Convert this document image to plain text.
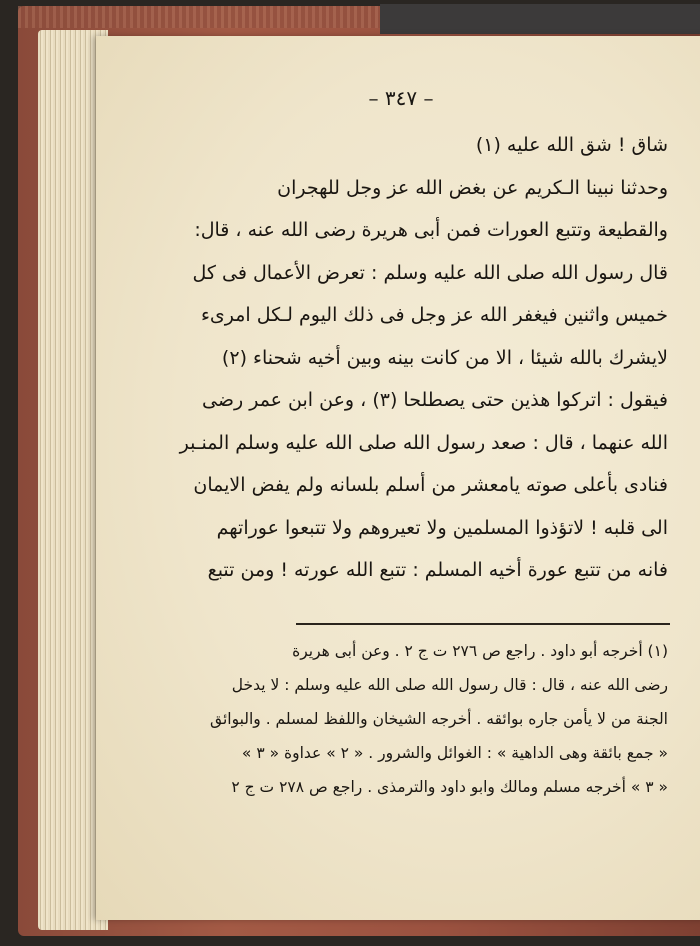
– ٣٤٧ –
شاق ! شق الله عليه (١)
وحدثنا نبينا الـكريم عن بغض الله عز وجل للهجران
والقطيعة وتتبع العورات فمن أبى هريرة رضى الله عنه ، قال:
قال رسول الله صلى الله عليه وسلم : تعرض الأعمال فى كل
خميس واثنين فيغفر الله عز وجل فى ذلك اليوم لـكل امرىء
لايشرك بالله شيئا ، الا من كانت بينه وبين أخيه شحناء (٢)
فيقول : اتركوا هذين حتى يصطلحا (٣) ، وعن ابن عمر رضى
الله عنهما ، قال : صعد رسول الله صلى الله عليه وسلم المنـبر
فنادى بأعلى صوته يامعشر من أسلم بلسانه ولم يفض الايمان
الى قلبه ! لاتؤذوا المسلمين ولا تعيروهم ولا تتبعوا عوراتهم
فانه من تتبع عورة أخيه المسلم : تتبع الله عورته ! ومن تتبع
(١) أخرجه أبو داود . راجع ص ٢٧٦ ت ج ٢ . وعن أبى هريرة
رضى الله عنه ، قال : قال رسول الله صلى الله عليه وسلم : لا يدخل
الجنة من لا يأمن جاره بوائقه . أخرجه الشيخان واللفظ لمسلم . والبوائق
« جمع بائقة وهى الداهية » : الغوائل والشرور . « ٢ » عداوة « ٣ »
« ٣ » أخرجه مسلم ومالك وابو داود والترمذى . راجع ص ٢٧٨ ت ج ٢
